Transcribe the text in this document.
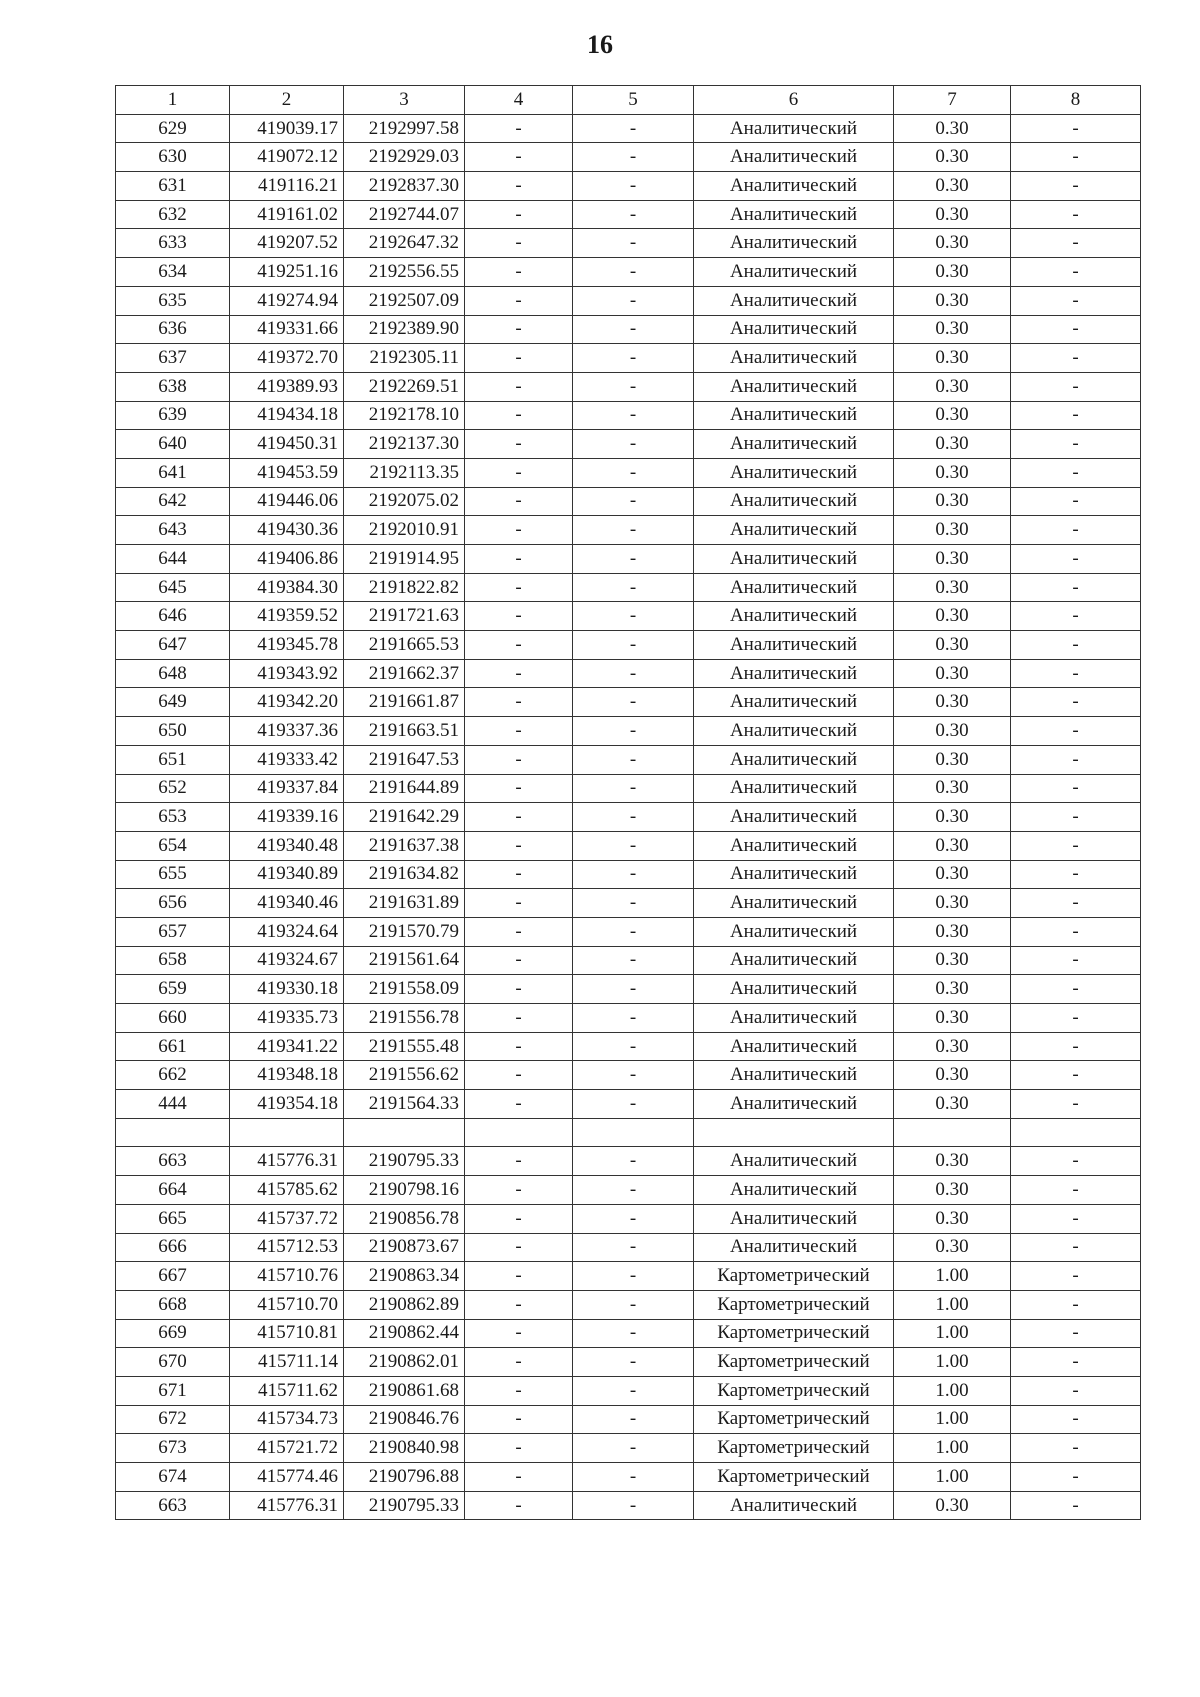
16
1	2	3	4	5	6	7	8
629	419039.17	2192997.58	-	-	Аналитический	0.30	-
630	419072.12	2192929.03	-	-	Аналитический	0.30	-
631	419116.21	2192837.30	-	-	Аналитический	0.30	-
632	419161.02	2192744.07	-	-	Аналитический	0.30	-
633	419207.52	2192647.32	-	-	Аналитический	0.30	-
634	419251.16	2192556.55	-	-	Аналитический	0.30	-
635	419274.94	2192507.09	-	-	Аналитический	0.30	-
636	419331.66	2192389.90	-	-	Аналитический	0.30	-
637	419372.70	2192305.11	-	-	Аналитический	0.30	-
638	419389.93	2192269.51	-	-	Аналитический	0.30	-
639	419434.18	2192178.10	-	-	Аналитический	0.30	-
640	419450.31	2192137.30	-	-	Аналитический	0.30	-
641	419453.59	2192113.35	-	-	Аналитический	0.30	-
642	419446.06	2192075.02	-	-	Аналитический	0.30	-
643	419430.36	2192010.91	-	-	Аналитический	0.30	-
644	419406.86	2191914.95	-	-	Аналитический	0.30	-
645	419384.30	2191822.82	-	-	Аналитический	0.30	-
646	419359.52	2191721.63	-	-	Аналитический	0.30	-
647	419345.78	2191665.53	-	-	Аналитический	0.30	-
648	419343.92	2191662.37	-	-	Аналитический	0.30	-
649	419342.20	2191661.87	-	-	Аналитический	0.30	-
650	419337.36	2191663.51	-	-	Аналитический	0.30	-
651	419333.42	2191647.53	-	-	Аналитический	0.30	-
652	419337.84	2191644.89	-	-	Аналитический	0.30	-
653	419339.16	2191642.29	-	-	Аналитический	0.30	-
654	419340.48	2191637.38	-	-	Аналитический	0.30	-
655	419340.89	2191634.82	-	-	Аналитический	0.30	-
656	419340.46	2191631.89	-	-	Аналитический	0.30	-
657	419324.64	2191570.79	-	-	Аналитический	0.30	-
658	419324.67	2191561.64	-	-	Аналитический	0.30	-
659	419330.18	2191558.09	-	-	Аналитический	0.30	-
660	419335.73	2191556.78	-	-	Аналитический	0.30	-
661	419341.22	2191555.48	-	-	Аналитический	0.30	-
662	419348.18	2191556.62	-	-	Аналитический	0.30	-
444	419354.18	2191564.33	-	-	Аналитический	0.30	-

663	415776.31	2190795.33	-	-	Аналитический	0.30	-
664	415785.62	2190798.16	-	-	Аналитический	0.30	-
665	415737.72	2190856.78	-	-	Аналитический	0.30	-
666	415712.53	2190873.67	-	-	Аналитический	0.30	-
667	415710.76	2190863.34	-	-	Картометрический	1.00	-
668	415710.70	2190862.89	-	-	Картометрический	1.00	-
669	415710.81	2190862.44	-	-	Картометрический	1.00	-
670	415711.14	2190862.01	-	-	Картометрический	1.00	-
671	415711.62	2190861.68	-	-	Картометрический	1.00	-
672	415734.73	2190846.76	-	-	Картометрический	1.00	-
673	415721.72	2190840.98	-	-	Картометрический	1.00	-
674	415774.46	2190796.88	-	-	Картометрический	1.00	-
663	415776.31	2190795.33	-	-	Аналитический	0.30	-
